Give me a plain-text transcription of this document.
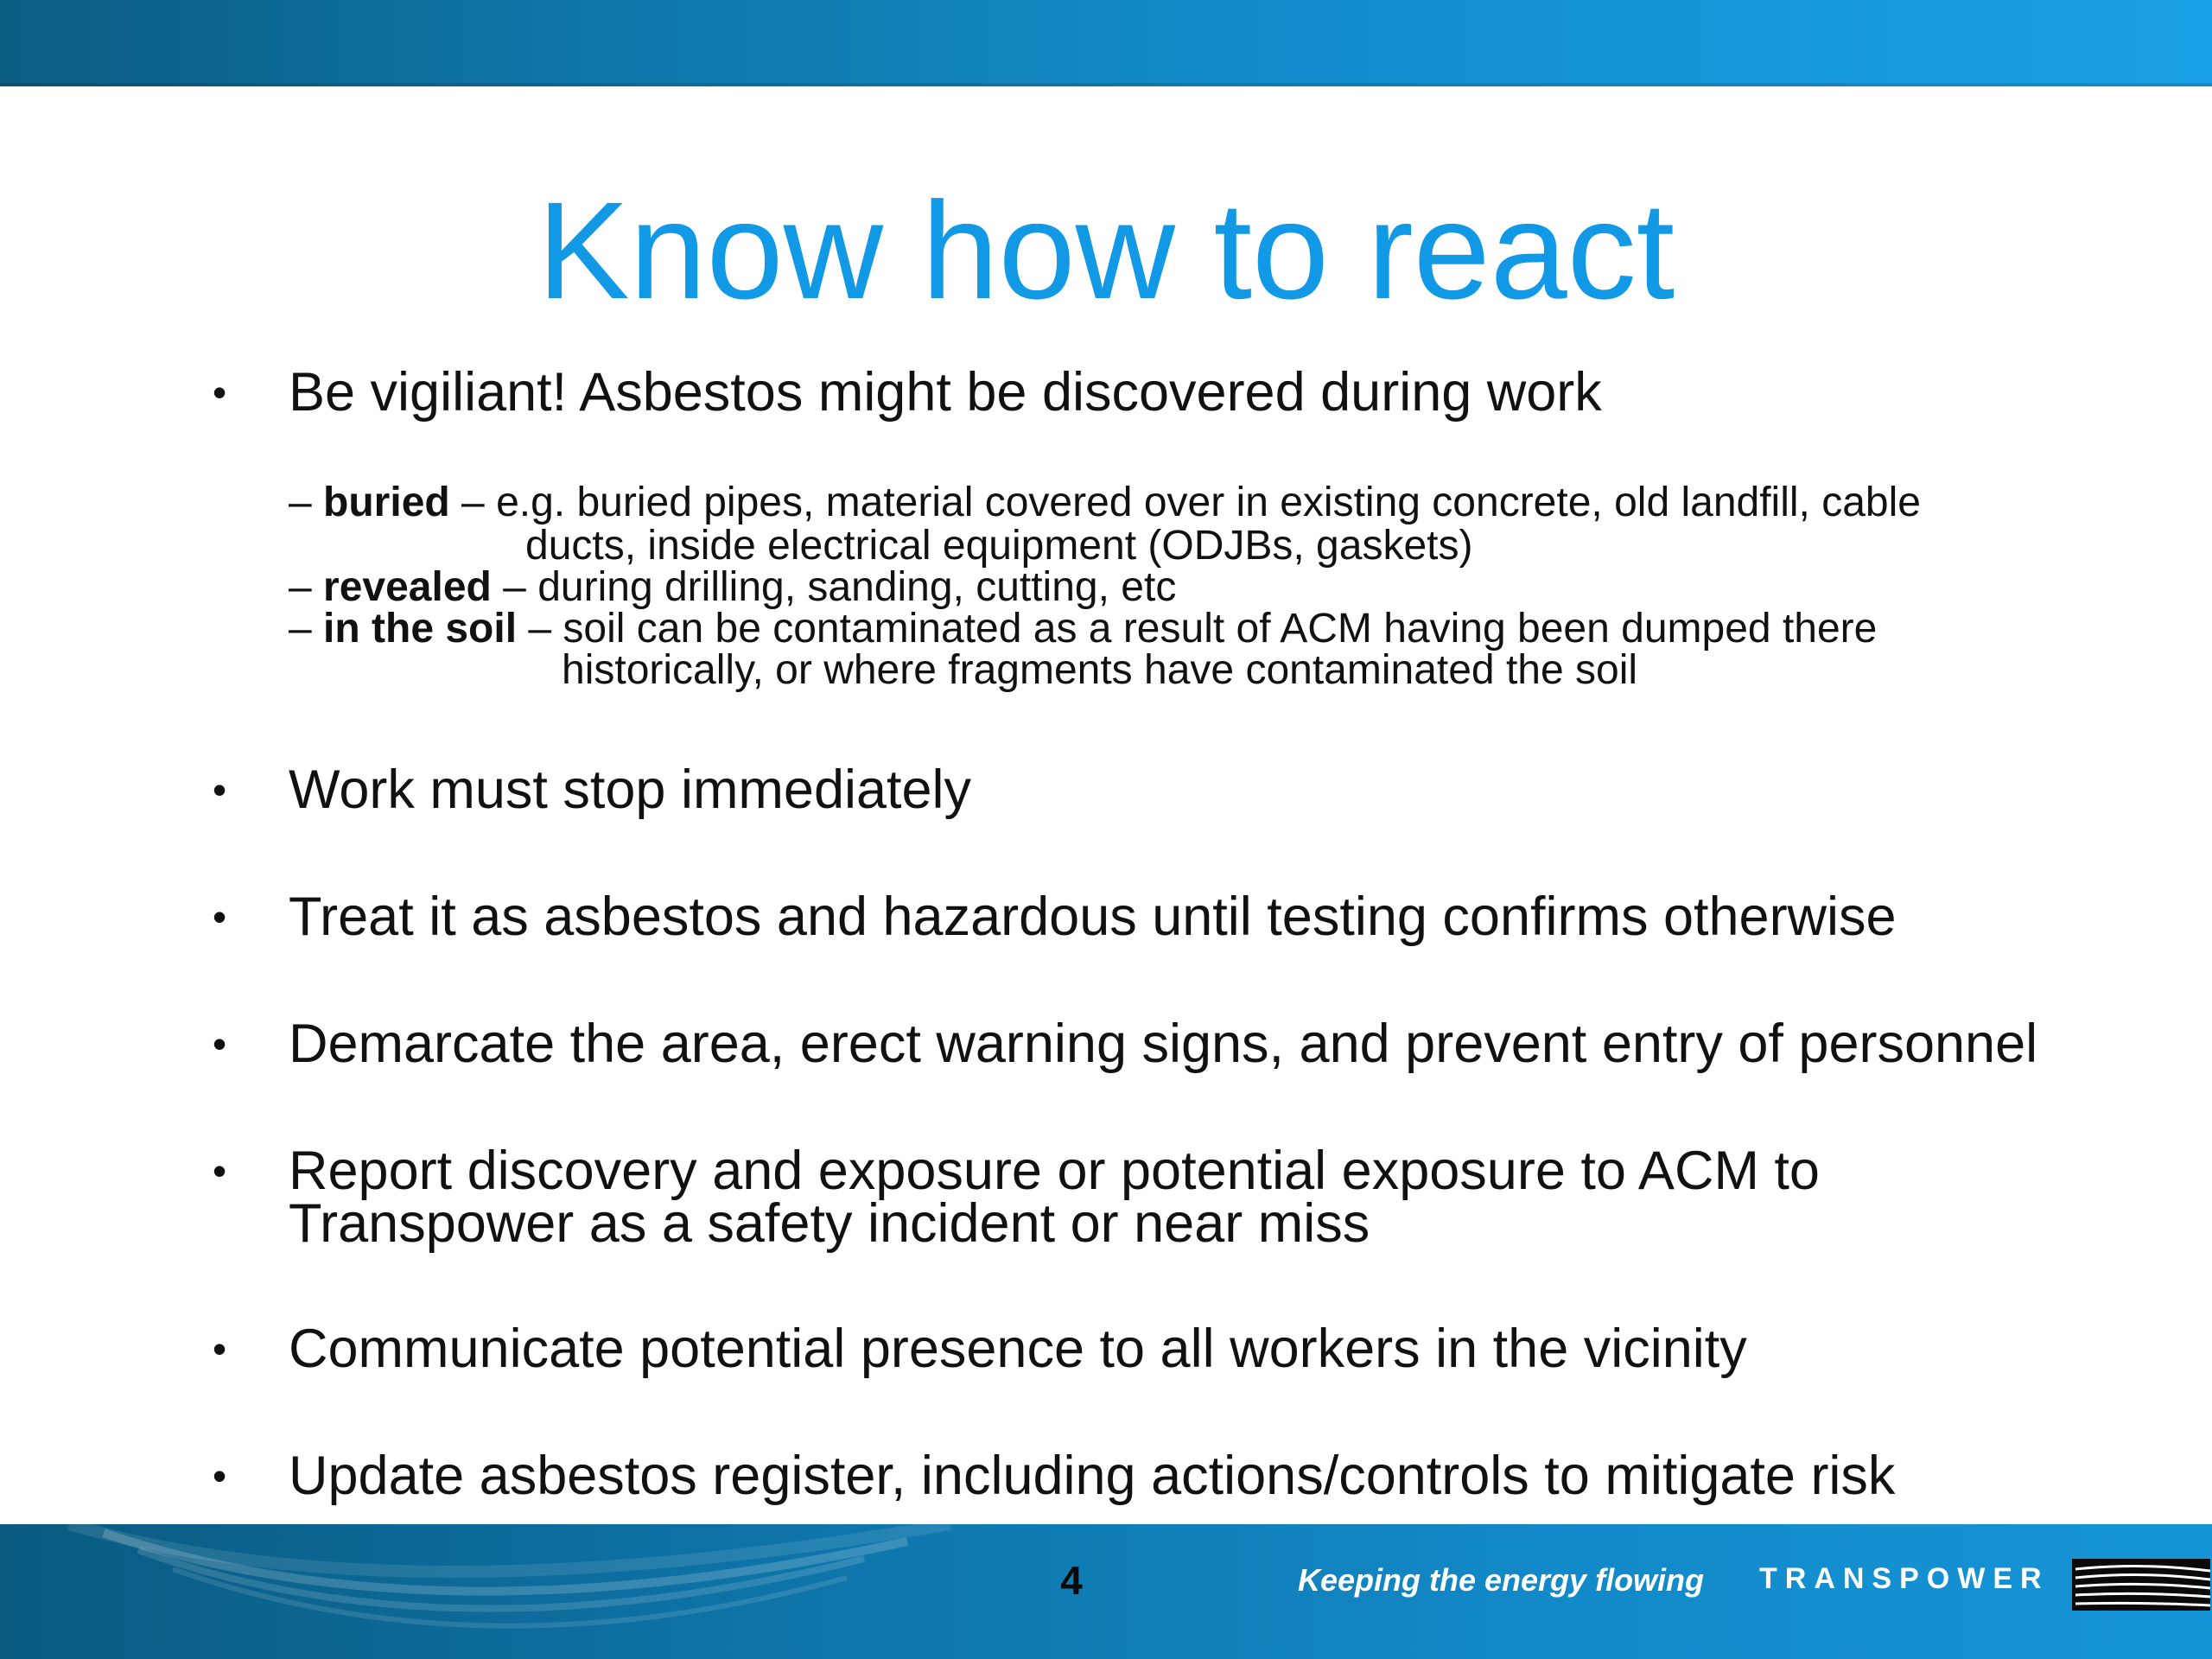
Know how to react
• Be vigiliant! Asbestos might be discovered during work
– buried – e.g. buried pipes, material covered over in existing concrete, old landfill, cable
ducts, inside electrical equipment (ODJBs, gaskets)
– revealed – during drilling, sanding, cutting, etc
– in the soil – soil can be contaminated as a result of ACM having been dumped there
historically, or where fragments have contaminated the soil
• Work must stop immediately
• Treat it as asbestos and hazardous until testing confirms otherwise
• Demarcate the area, erect warning signs, and prevent entry of personnel
• Report discovery and exposure or potential exposure to ACM to Transpower as a safety incident or near miss
• Communicate potential presence to all workers in the vicinity
• Update asbestos register, including actions/controls to mitigate risk
4	Keeping the energy flowing TRANSPOWER
